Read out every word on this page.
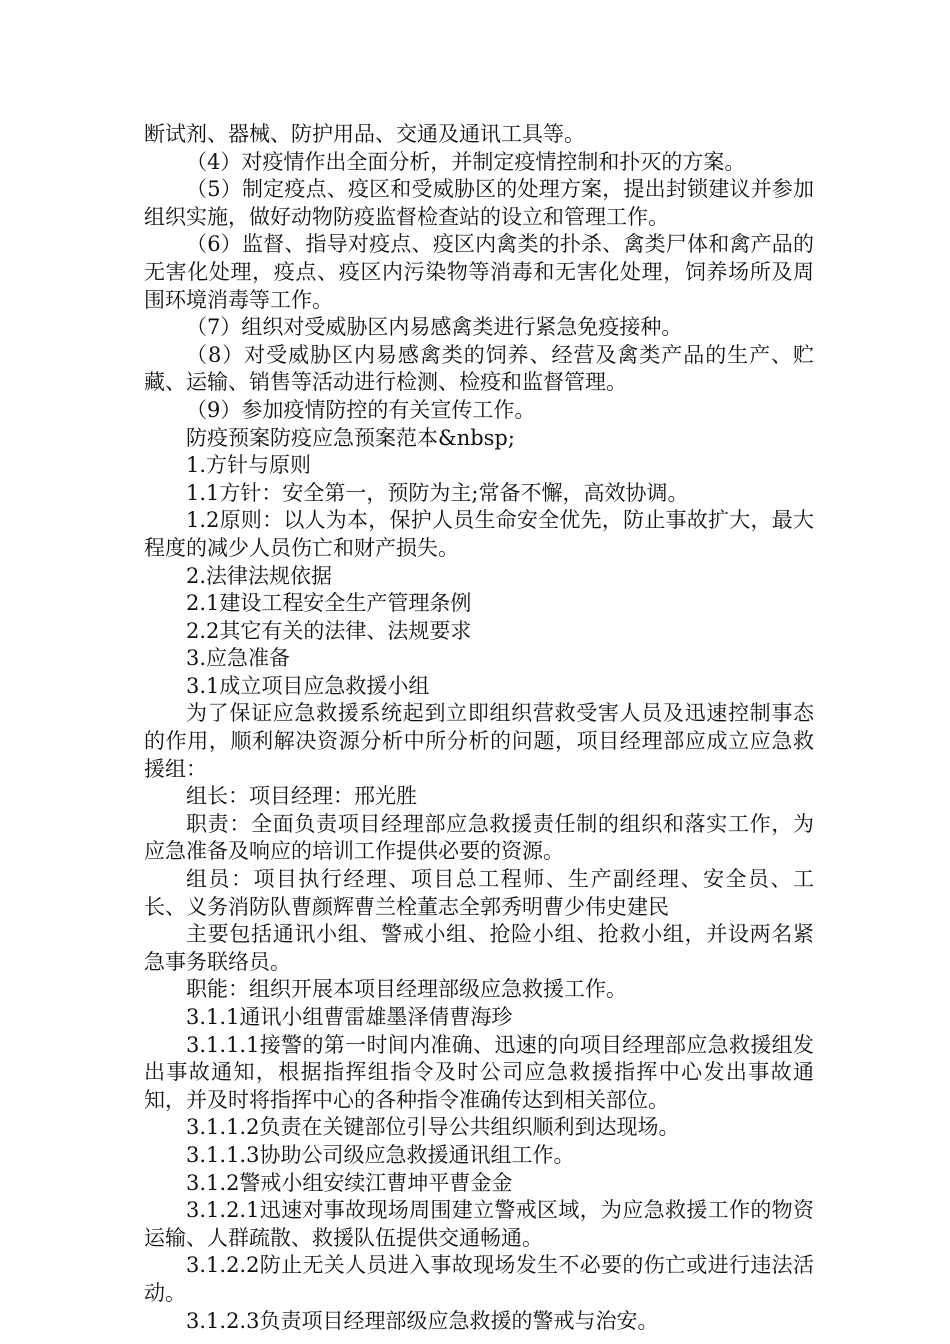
断试剂、器械、防护用品、交通及通讯工具等。

（4）对疫情作出全面分析，并制定疫情控制和扑灭的方案。

（5）制定疫点、疫区和受威胁区的处理方案，提出封锁建议并参加组织实施，做好动物防疫监督检查站的设立和管理工作。

（6）监督、指导对疫点、疫区内禽类的扑杀、禽类尸体和禽产品的无害化处理，疫点、疫区内污染物等消毒和无害化处理，饲养场所及周围环境消毒等工作。

（7）组织对受威胁区内易感禽类进行紧急免疫接种。

（8）对受威胁区内易感禽类的饲养、经营及禽类产品的生产、贮藏、运输、销售等活动进行检测、检疫和监督管理。

（9）参加疫情防控的有关宣传工作。

防疫预案防疫应急预案范本&nbsp;

1.方针与原则

1.1方针：安全第一，预防为主;常备不懈，高效协调。

1.2原则：以人为本，保护人员生命安全优先，防止事故扩大，最大程度的减少人员伤亡和财产损失。

2.法律法规依据

2.1建设工程安全生产管理条例

2.2其它有关的法律、法规要求

3.应急准备

3.1成立项目应急救援小组

为了保证应急救援系统起到立即组织营救受害人员及迅速控制事态的作用，顺利解决资源分析中所分析的问题，项目经理部应成立应急救援组：

组长：项目经理：邢光胜

职责：全面负责项目经理部应急救援责任制的组织和落实工作，为应急准备及响应的培训工作提供必要的资源。

组员：项目执行经理、项目总工程师、生产副经理、安全员、工长、义务消防队曹颜辉曹兰栓董志全郭秀明曹少伟史建民

主要包括通讯小组、警戒小组、抢险小组、抢救小组，并设两名紧急事务联络员。

职能：组织开展本项目经理部级应急救援工作。

3.1.1通讯小组曹雷雄墨泽倩曹海珍

3.1.1.1接警的第一时间内准确、迅速的向项目经理部应急救援组发出事故通知，根据指挥组指令及时公司应急救援指挥中心发出事故通知，并及时将指挥中心的各种指令准确传达到相关部位。

3.1.1.2负责在关键部位引导公共组织顺利到达现场。

3.1.1.3协助公司级应急救援通讯组工作。

3.1.2警戒小组安续江曹坤平曹金金

3.1.2.1迅速对事故现场周围建立警戒区域，为应急救援工作的物资运输、人群疏散、救援队伍提供交通畅通。

3.1.2.2防止无关人员进入事故现场发生不必要的伤亡或进行违法活动。

3.1.2.3负责项目经理部级应急救援的警戒与治安。
